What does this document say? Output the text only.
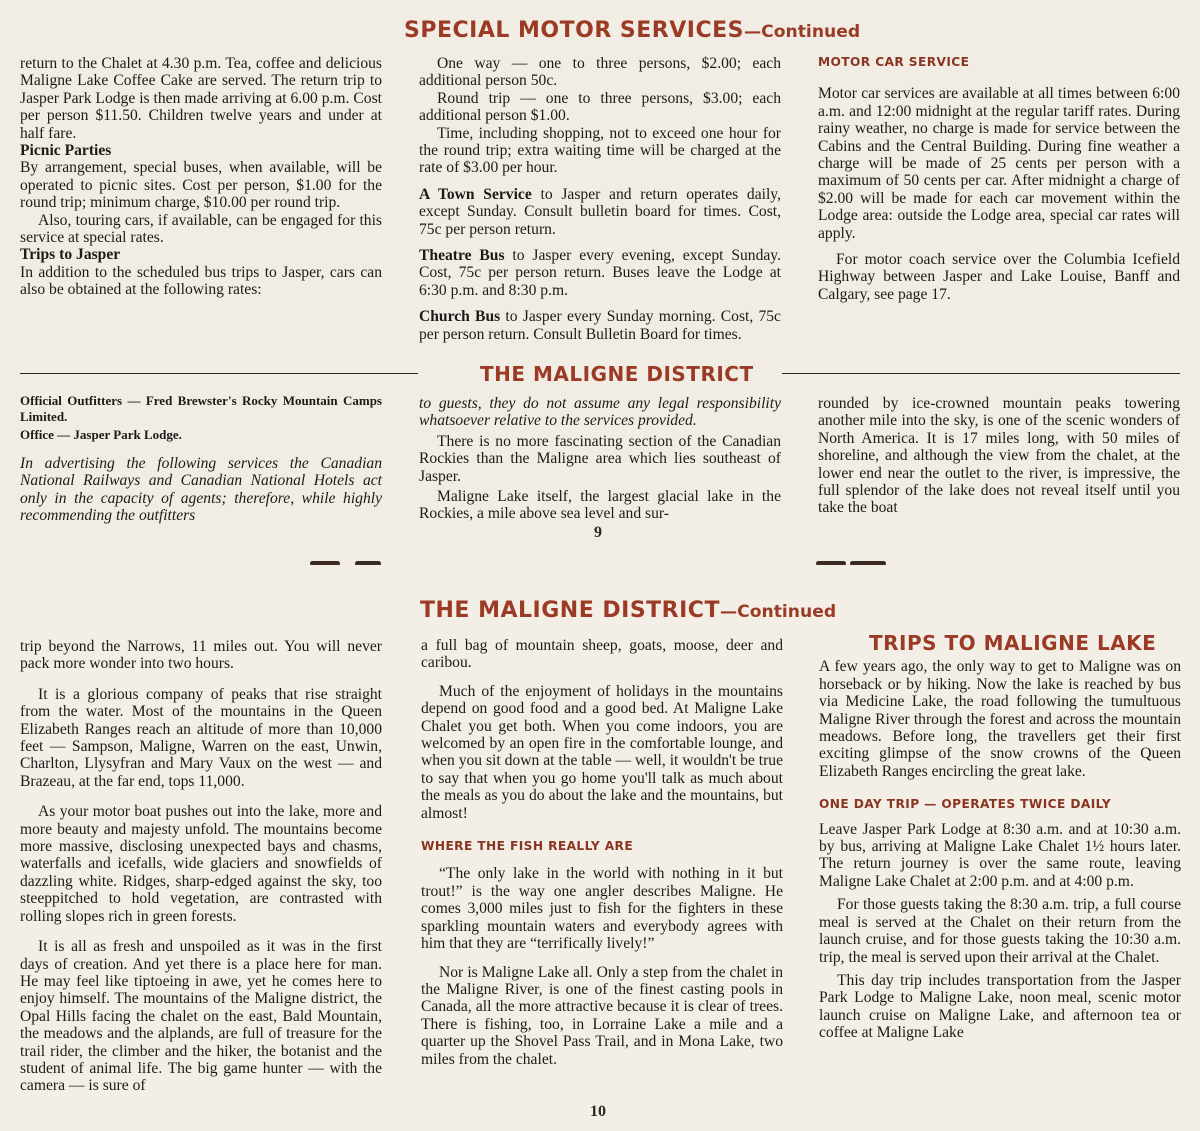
SPECIAL MOTOR SERVICES—Continued

return to the Chalet at 4.30 p.m. Tea, coffee and delicious Maligne Lake Coffee Cake are served. The return trip to Jasper Park Lodge is then made arriving at 6.00 p.m. Cost per person $11.50. Children twelve years and under at half fare.

Picnic Parties

By arrangement, special buses, when available, will be operated to picnic sites. Cost per person, $1.00 for the round trip; minimum charge, $10.00 per round trip.

Also, touring cars, if available, can be engaged for this service at special rates.

Trips to Jasper

In addition to the scheduled bus trips to Jasper, cars can also be obtained at the following rates:

One way — one to three persons, $2.00; each additional person 50c.

Round trip — one to three persons, $3.00; each additional person $1.00.

Time, including shopping, not to exceed one hour for the round trip; extra waiting time will be charged at the rate of $3.00 per hour.

A Town Service to Jasper and return operates daily, except Sunday. Consult bulletin board for times. Cost, 75c per person return.

Theatre Bus to Jasper every evening, except Sunday. Cost, 75c per person return. Buses leave the Lodge at 6:30 p.m. and 8:30 p.m.

Church Bus to Jasper every Sunday morning. Cost, 75c per person return. Consult Bulletin Board for times.

MOTOR CAR SERVICE

Motor car services are available at all times between 6:00 a.m. and 12:00 midnight at the regular tariff rates. During rainy weather, no charge is made for service between the Cabins and the Central Building. During fine weather a charge will be made of 25 cents per person with a maximum of 50 cents per car. After midnight a charge of $2.00 will be made for each car movement within the Lodge area: outside the Lodge area, special car rates will apply.

For motor coach service over the Columbia Icefield Highway between Jasper and Lake Louise, Banff and Calgary, see page 17.

THE MALIGNE DISTRICT

Official Outfitters — Fred Brewster's Rocky Mountain Camps Limited.

Office — Jasper Park Lodge.

In advertising the following services the Canadian National Railways and Canadian National Hotels act only in the capacity of agents; therefore, while highly recommending the outfitters

to guests, they do not assume any legal responsibility whatsoever relative to the services provided.

There is no more fascinating section of the Canadian Rockies than the Maligne area which lies southeast of Jasper.

Maligne Lake itself, the largest glacial lake in the Rockies, a mile above sea level and sur-

rounded by ice-crowned mountain peaks towering another mile into the sky, is one of the scenic wonders of North America. It is 17 miles long, with 50 miles of shoreline, and although the view from the chalet, at the lower end near the outlet to the river, is impressive, the full splendor of the lake does not reveal itself until you take the boat

9
THE MALIGNE DISTRICT—Continued

trip beyond the Narrows, 11 miles out. You will never pack more wonder into two hours.

It is a glorious company of peaks that rise straight from the water. Most of the mountains in the Queen Elizabeth Ranges reach an altitude of more than 10,000 feet — Sampson, Maligne, Warren on the east, Unwin, Charlton, Llysyfran and Mary Vaux on the west — and Brazeau, at the far end, tops 11,000.

As your motor boat pushes out into the lake, more and more beauty and majesty unfold. The mountains become more massive, disclosing unexpected bays and chasms, waterfalls and icefalls, wide glaciers and snowfields of dazzling white. Ridges, sharp-edged against the sky, too steeppitched to hold vegetation, are contrasted with rolling slopes rich in green forests.

It is all as fresh and unspoiled as it was in the first days of creation. And yet there is a place here for man. He may feel like tiptoeing in awe, yet he comes here to enjoy himself. The mountains of the Maligne district, the Opal Hills facing the chalet on the east, Bald Mountain, the meadows and the alplands, are full of treasure for the trail rider, the climber and the hiker, the botanist and the student of animal life. The big game hunter — with the camera — is sure of

a full bag of mountain sheep, goats, moose, deer and caribou.

Much of the enjoyment of holidays in the mountains depend on good food and a good bed. At Maligne Lake Chalet you get both. When you come indoors, you are welcomed by an open fire in the comfortable lounge, and when you sit down at the table — well, it wouldn't be true to say that when you go home you'll talk as much about the meals as you do about the lake and the mountains, but almost!

WHERE THE FISH REALLY ARE

“The only lake in the world with nothing in it but trout!” is the way one angler describes Maligne. He comes 3,000 miles just to fish for the fighters in these sparkling mountain waters and everybody agrees with him that they are “terrifically lively!”

Nor is Maligne Lake all. Only a step from the chalet in the Maligne River, is one of the finest casting pools in Canada, all the more attractive because it is clear of trees. There is fishing, too, in Lorraine Lake a mile and a quarter up the Shovel Pass Trail, and in Mona Lake, two miles from the chalet.

TRIPS TO MALIGNE LAKE

A few years ago, the only way to get to Maligne was on horseback or by hiking. Now the lake is reached by bus via Medicine Lake, the road following the tumultuous Maligne River through the forest and across the mountain meadows. Before long, the travellers get their first exciting glimpse of the snow crowns of the Queen Elizabeth Ranges encircling the great lake.

ONE DAY TRIP — OPERATES TWICE DAILY

Leave Jasper Park Lodge at 8:30 a.m. and at 10:30 a.m. by bus, arriving at Maligne Lake Chalet 1½ hours later. The return journey is over the same route, leaving Maligne Lake Chalet at 2:00 p.m. and at 4:00 p.m.

For those guests taking the 8:30 a.m. trip, a full course meal is served at the Chalet on their return from the launch cruise, and for those guests taking the 10:30 a.m. trip, the meal is served upon their arrival at the Chalet.

This day trip includes transportation from the Jasper Park Lodge to Maligne Lake, noon meal, scenic motor launch cruise on Maligne Lake, and afternoon tea or coffee at Maligne Lake

10
